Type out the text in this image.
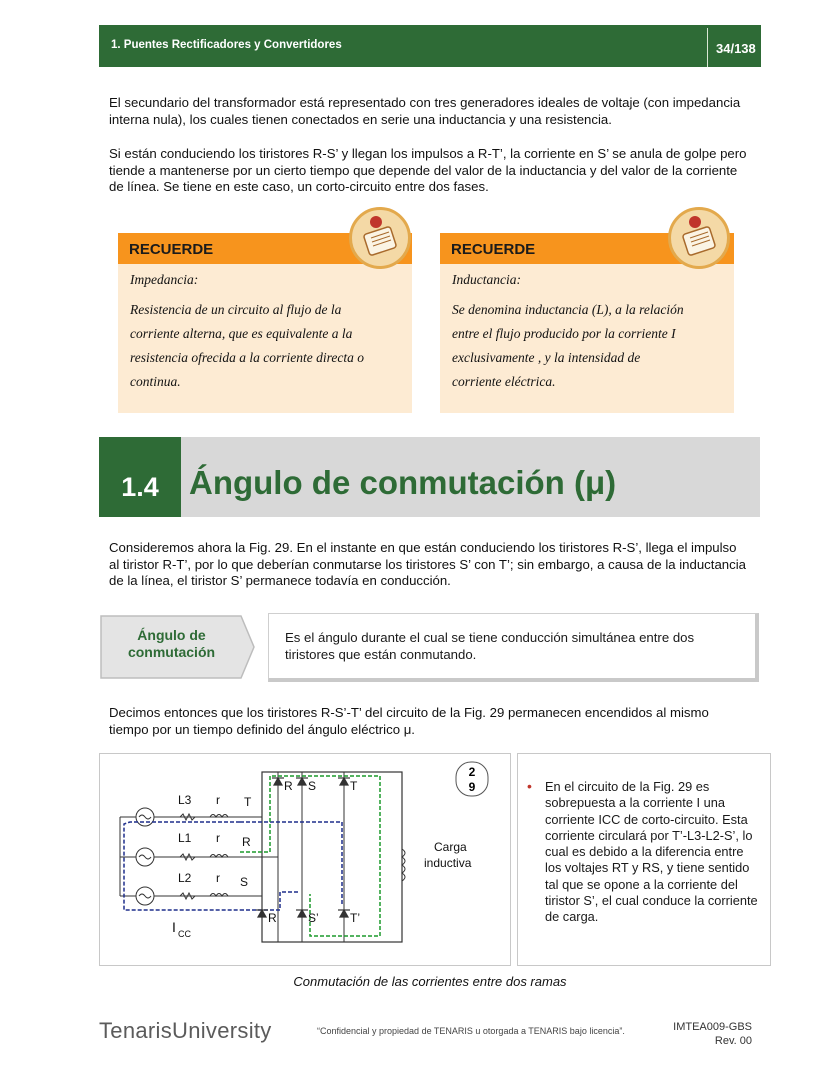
1. Puentes Rectificadores y Convertidores	34/138
El secundario del transformador está representado con tres generadores ideales de voltaje (con impedancia interna nula), los cuales tienen conectados en serie una inductancia y una resistencia.
Si están conduciendo los tiristores R-S’ y llegan los impulsos a R-T’, la corriente en S’ se anula de golpe pero tiende a mantenerse por un cierto tiempo que depende del valor de la inductancia y del valor de la corriente de línea. Se tiene en este caso, un corto-circuito entre dos fases.
RECUERDE
Impedancia:
Resistencia de un circuito al flujo de la
corriente alterna, que es equivalente a la
resistencia ofrecida a la corriente directa o
continua.
RECUERDE
Inductancia:
Se denomina inductancia (L), a la relación
entre el flujo producido por la corriente I
exclusivamente , y la intensidad de
corriente eléctrica.
1.4 Ángulo de conmutación (μ)
Consideremos ahora la Fig. 29. En el instante en que están conduciendo los tiristores R-S’, llega el impulso al tiristor R-T’, por lo que deberían conmutarse los tiristores S’ con T’; sin embargo, a causa de la inductancia de la línea, el tiristor S’ permanece todavía en conducción.
Ángulo de
conmutación
Es el ángulo durante el cual se tiene conducción simultánea entre dos tiristores que están conmutando.
Decimos entonces que los tiristores R-S’-T’ del circuito de la Fig. 29 permanecen encendidos al mismo tiempo por un tiempo definido del ángulo eléctrico μ.
L3
L1
L2
r
r
r
T
R
S
R S	T
R	S’	T’
Carga
inductiva
I CC
2
9	• En el circuito de la Fig. 29 es sobrepuesta a la corriente I una corriente ICC de corto-circuito. Esta corriente circulará por T’-L3-L2-S’, lo cual es debido a la diferencia entre los voltajes RT y RS, y tiene sentido tal que se opone a la corriente del tiristor S’, el cual conduce la corriente de carga.
Conmutación de las corrientes entre dos ramas
TenarisUniversity	“Confidencial y propiedad de TENARIS u otorgada a TENARIS bajo licencia”.	IMTEA009-GBS
Rev. 00
